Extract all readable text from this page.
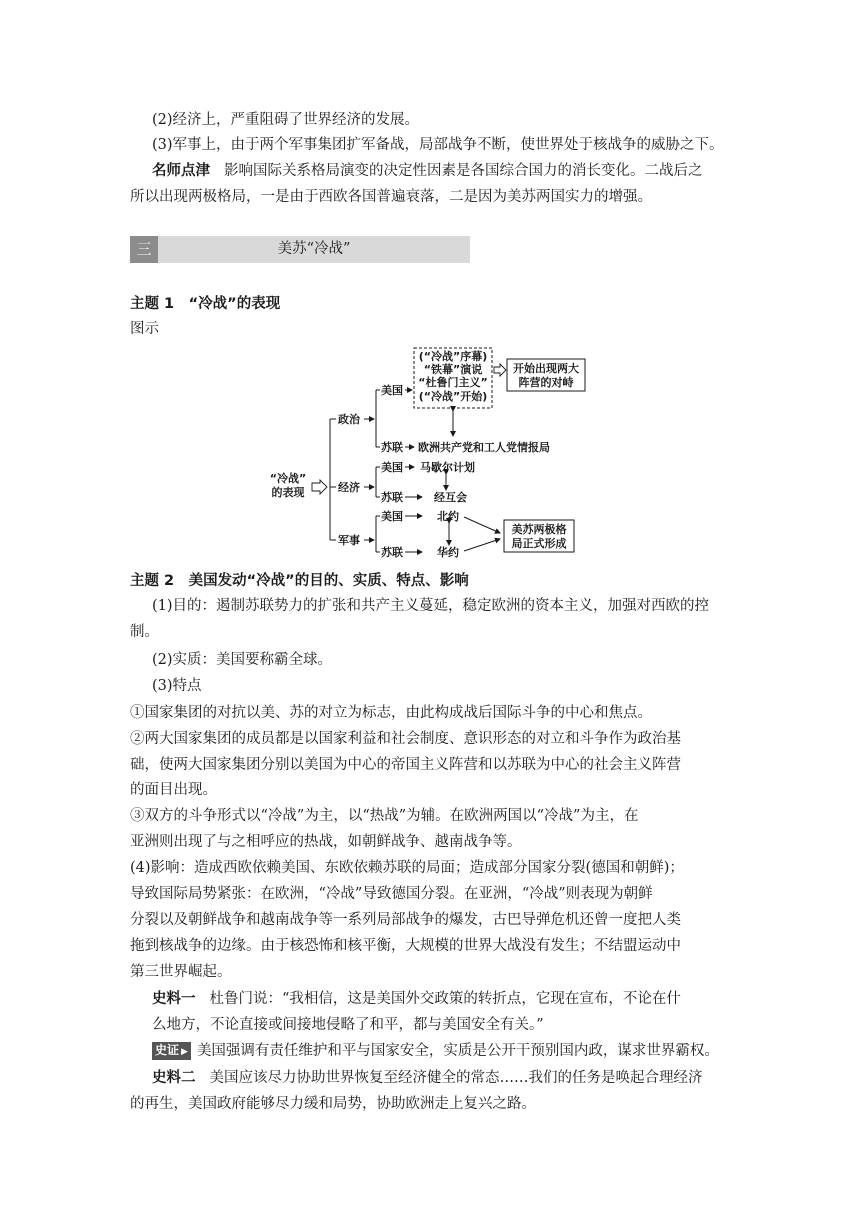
(2)经济上，严重阻碍了世界经济的发展。
(3)军事上，由于两个军事集团扩军备战，局部战争不断，使世界处于核战争的威胁之下。
名师点津 影响国际关系格局演变的决定性因素是各国综合国力的消长变化。二战后之
所以出现两极格局，一是由于西欧各国普遍衰落，二是因为美苏两国实力的增强。
三	美苏“冷战”
主题 1　“冷战”的表现
图示
“冷战”
的表现
政治
经济
军事
美国
苏联 欧洲共产党和工人党情报局
(“冷战”序幕)
“铁幕”演说
“杜鲁门主义”
(“冷战”开始)
开始出现两大
阵营的对峙
美国 马歇尔计划
苏联	经互会
美国	北约
苏联	华约
美苏两极格
局正式形成
主题 2　美国发动“冷战”的目的、实质、特点、影响
(1)目的：遏制苏联势力的扩张和共产主义蔓延，稳定欧洲的资本主义，加强对西欧的控
制。
(2)实质：美国要称霸全球。
(3)特点
①国家集团的对抗以美、苏的对立为标志，由此构成战后国际斗争的中心和焦点。
②两大国家集团的成员都是以国家利益和社会制度、意识形态的对立和斗争作为政治基
础，使两大国家集团分别以美国为中心的帝国主义阵营和以苏联为中心的社会主义阵营
的面目出现。
③双方的斗争形式以“冷战”为主，以“热战”为辅。在欧洲两国以“冷战”为主，在
亚洲则出现了与之相呼应的热战，如朝鲜战争、越南战争等。
(4)影响：造成西欧依赖美国、东欧依赖苏联的局面；造成部分国家分裂(德国和朝鲜)；
导致国际局势紧张：在欧洲，“冷战”导致德国分裂。在亚洲，“冷战”则表现为朝鲜
分裂以及朝鲜战争和越南战争等一系列局部战争的爆发，古巴导弹危机还曾一度把人类
拖到核战争的边缘。由于核恐怖和核平衡，大规模的世界大战没有发生；不结盟运动中
第三世界崛起。
史料一 杜鲁门说：“我相信，这是美国外交政策的转折点，它现在宣布，不论在什
么地方，不论直接或间接地侵略了和平，都与美国安全有关。”
史证 ▶ 美国强调有责任维护和平与国家安全，实质是公开干预别国内政，谋求世界霸权。
史料二 美国应该尽力协助世界恢复至经济健全的常态……我们的任务是唤起合理经济
的再生，美国政府能够尽力缓和局势，协助欧洲走上复兴之路。
